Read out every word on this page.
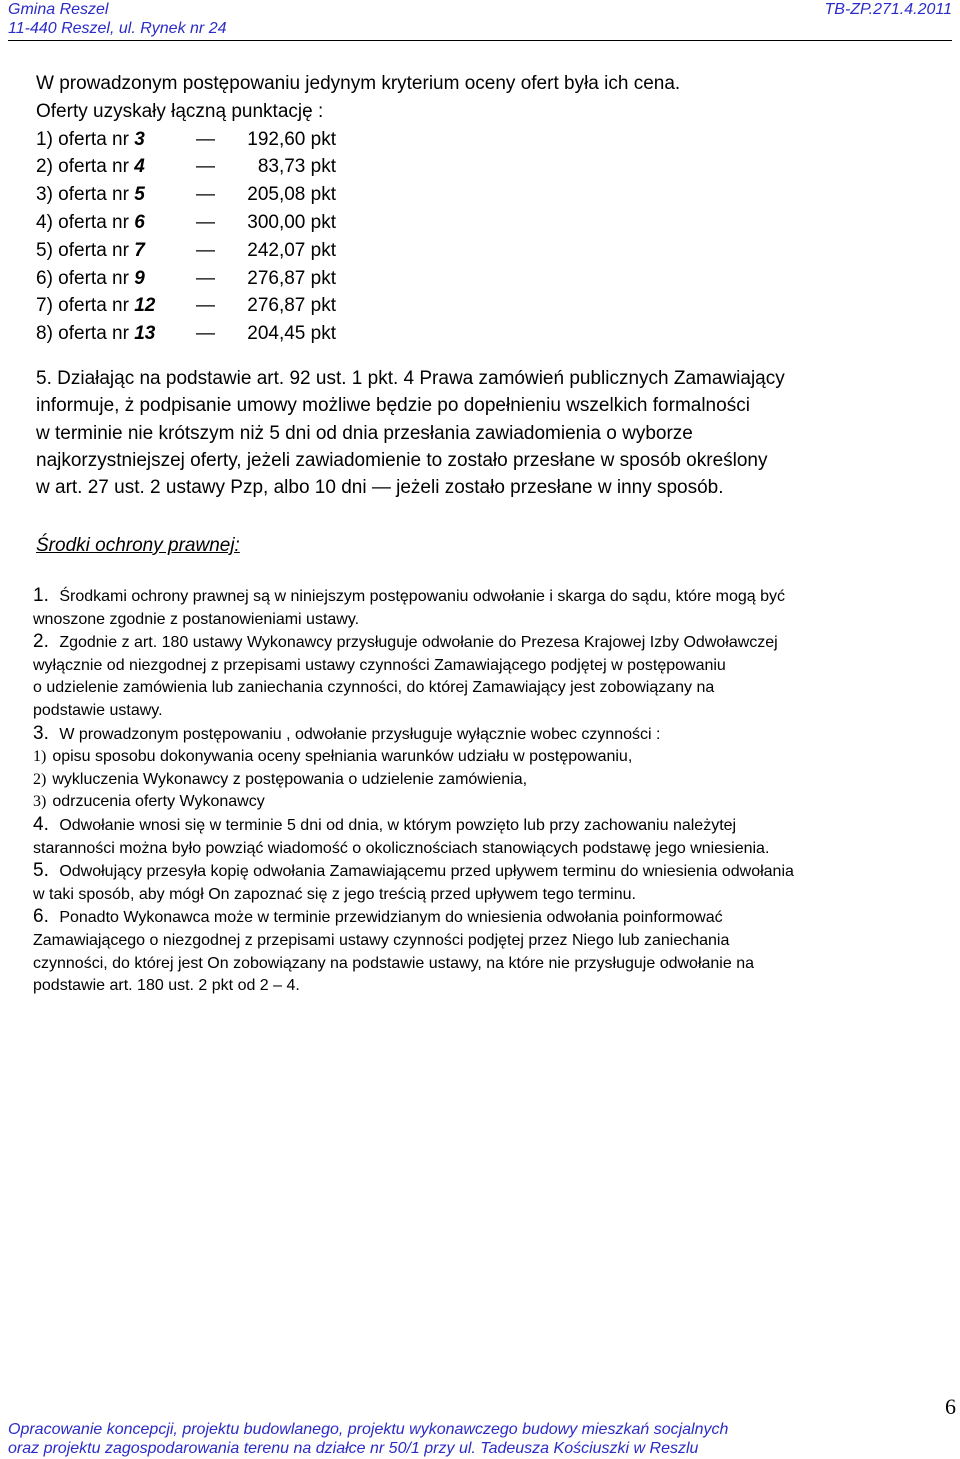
Gmina Reszel
11-440 Reszel, ul. Rynek nr 24
TB-ZP.271.4.2011
W prowadzonym postępowaniu jedynym kryterium oceny ofert była ich cena.
Oferty uzyskały łączną punktację :
1) oferta nr 3	—	192,60 pkt
2) oferta nr 4	—	83,73 pkt
3) oferta nr 5	—	205,08 pkt
4) oferta nr 6	—	300,00 pkt
5) oferta nr 7	—	242,07 pkt
6) oferta nr 9	—	276,87 pkt
7) oferta nr 12 —	276,87 pkt
8) oferta nr 13 —	204,45 pkt
5. Działając na podstawie art. 92 ust. 1 pkt. 4 Prawa zamówień publicznych Zamawiający
informuje, ż podpisanie umowy możliwe będzie po dopełnieniu wszelkich formalności
w terminie nie krótszym niż 5 dni od dnia przesłania zawiadomienia o wyborze
najkorzystniejszej oferty, jeżeli zawiadomienie to zostało przesłane w sposób określony
w art. 27 ust. 2 ustawy Pzp, albo 10 dni — jeżeli zostało przesłane w inny sposób.
Środki ochrony prawnej:
1. Środkami ochrony prawnej są w niniejszym postępowaniu odwołanie i skarga do sądu, które mogą być
wnoszone zgodnie z postanowieniami ustawy.
2. Zgodnie z art. 180 ustawy Wykonawcy przysługuje odwołanie do Prezesa Krajowej Izby Odwoławczej
wyłącznie od niezgodnej z przepisami ustawy czynności Zamawiającego podjętej w postępowaniu
o udzielenie zamówienia lub zaniechania czynności, do której Zamawiający jest zobowiązany na
podstawie ustawy.
3. W prowadzonym postępowaniu , odwołanie przysługuje wyłącznie wobec czynności :
1) opisu sposobu dokonywania oceny spełniania warunków udziału w postępowaniu,
2) wykluczenia Wykonawcy z postępowania o udzielenie zamówienia,
3) odrzucenia oferty Wykonawcy
4. Odwołanie wnosi się w terminie 5 dni od dnia, w którym powzięto lub przy zachowaniu należytej
staranności można było powziąć wiadomość o okolicznościach stanowiących podstawę jego wniesienia.
5. Odwołujący przesyła kopię odwołania Zamawiającemu przed upływem terminu do wniesienia odwołania
w taki sposób, aby mógł On zapoznać się z jego treścią przed upływem tego terminu.
6. Ponadto Wykonawca może w terminie przewidzianym do wniesienia odwołania poinformować
Zamawiającego o niezgodnej z przepisami ustawy czynności podjętej przez Niego lub zaniechania
czynności, do której jest On zobowiązany na podstawie ustawy, na które nie przysługuje odwołanie na
podstawie art. 180 ust. 2 pkt od 2 – 4.
6
Opracowanie koncepcji, projektu budowlanego, projektu wykonawczego budowy mieszkań socjalnych
oraz projektu zagospodarowania terenu na działce nr 50/1 przy ul. Tadeusza Kościuszki w Reszlu
